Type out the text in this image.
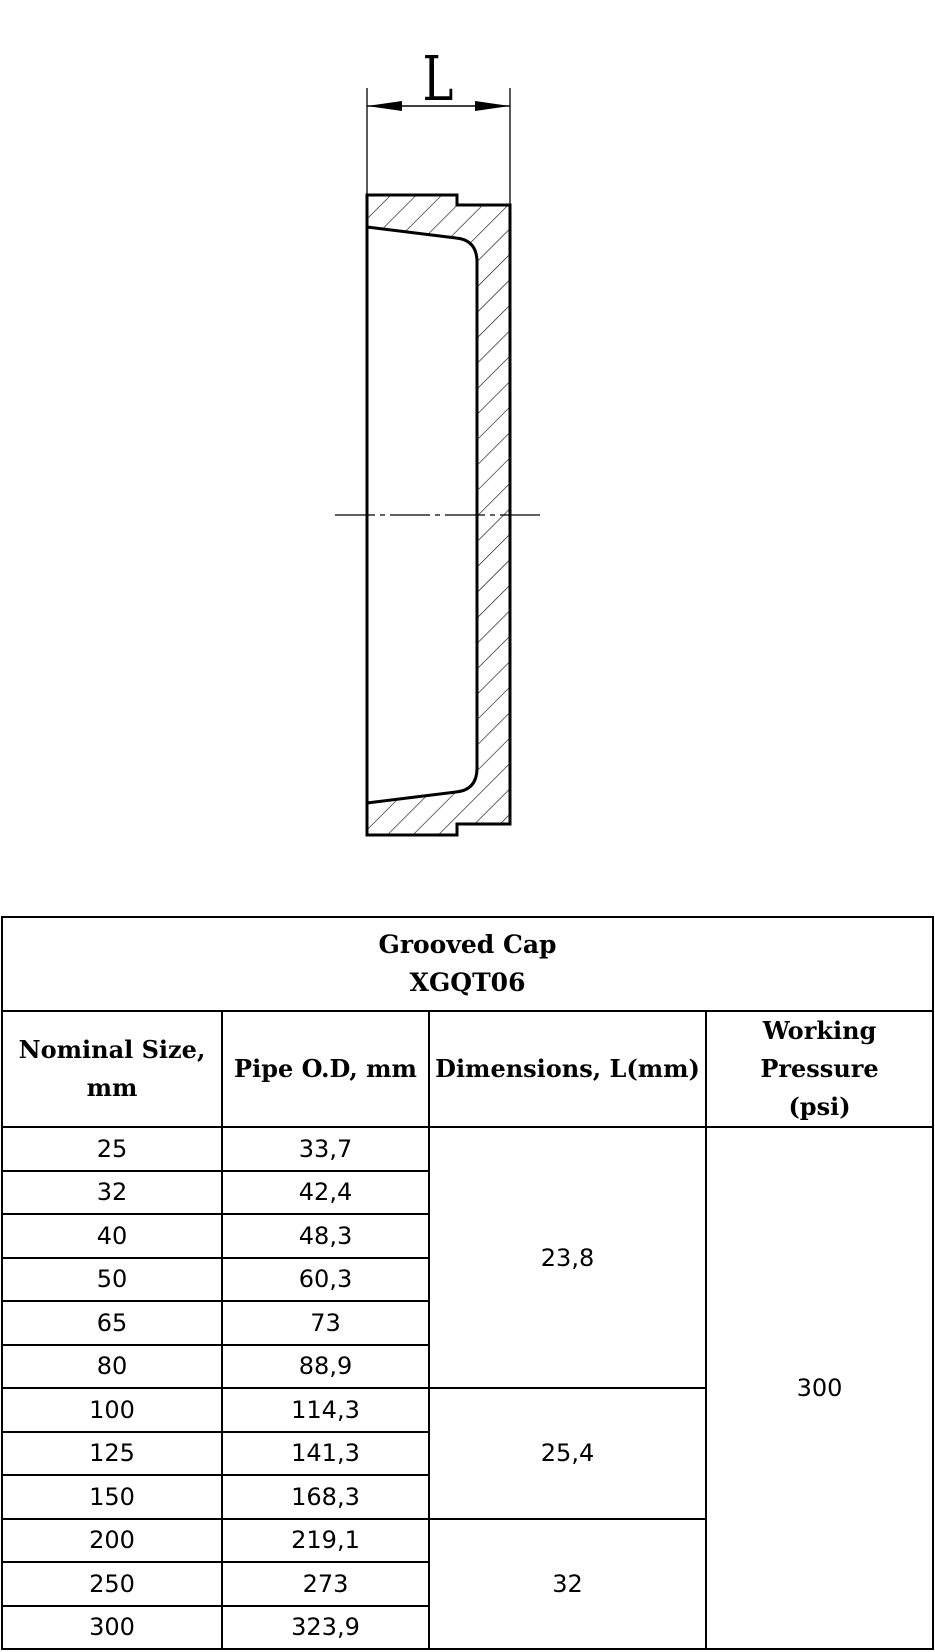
L
Grooved Cap
XGQT06			

Nominal Size, mm	Pipe O.D, mm	Dimensions, L(mm)	Working
Pressure
(psi)

25	33,7	23,8	300
32	42,4		
40	48,3		
50	60,3		
65	73		
80	88,9		
100	114,3	25,4	
125	141,3		
150	168,3		
200	219,1	32	
250	273		
300	323,9		
